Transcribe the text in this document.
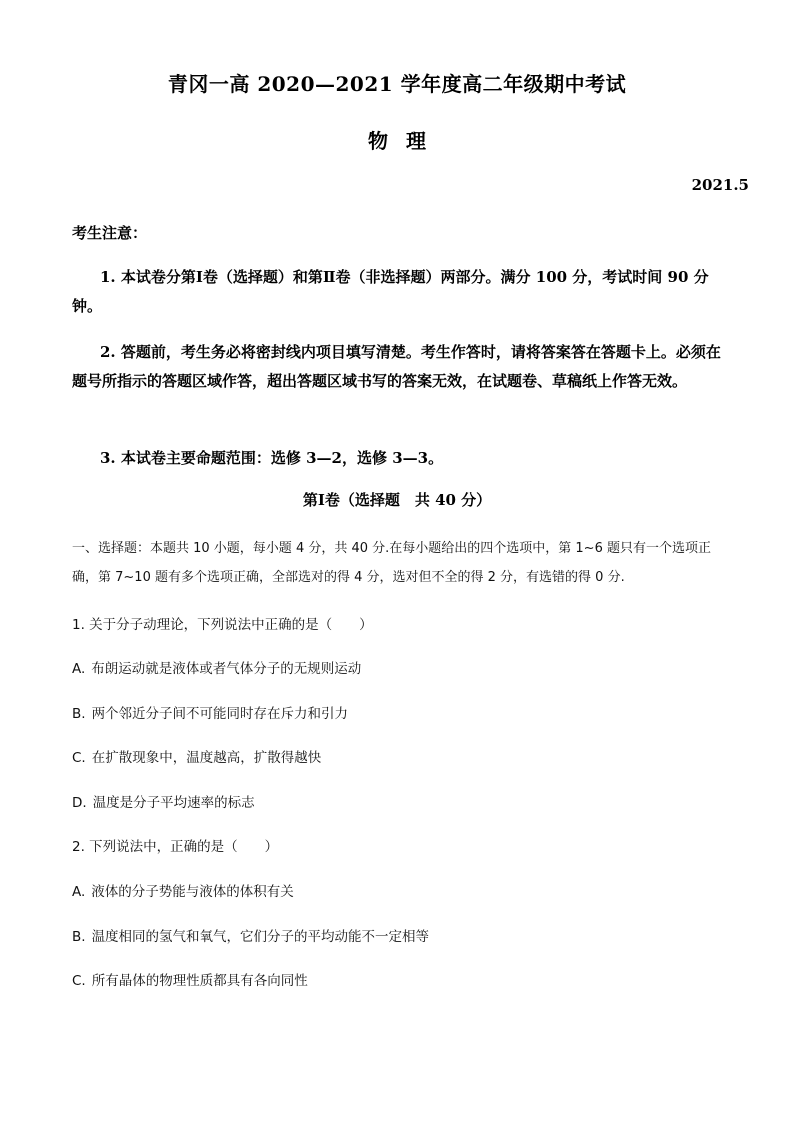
青冈一高 2020—2021 学年度高二年级期中考试
物理
2021.5
考生注意：
1. 本试卷分第Ⅰ卷（选择题）和第Ⅱ卷（非选择题）两部分。满分 100 分，考试时间 90 分钟。
2. 答题前，考生务必将密封线内项目填写清楚。考生作答时，请将答案答在答题卡上。必须在题号所指示的答题区域作答，超出答题区域书写的答案无效，在试题卷、草稿纸上作答无效。
3. 本试卷主要命题范围：选修 3—2，选修 3—3。
第Ⅰ卷（选择题　共 40 分）
一、选择题：本题共 10 小题，每小题 4 分，共 40 分.在每小题给出的四个选项中，第 1~6 题只有一个选项正确，第 7~10 题有多个选项正确，全部选对的得 4 分，选对但不全的得 2 分，有选错的得 0 分.
1. 关于分子动理论，下列说法中正确的是（　　）
A. 布朗运动就是液体或者气体分子的无规则运动
B. 两个邻近分子间不可能同时存在斥力和引力
C. 在扩散现象中，温度越高，扩散得越快
D. 温度是分子平均速率的标志
2. 下列说法中，正确的是（　　）
A. 液体的分子势能与液体的体积有关
B. 温度相同的氢气和氧气，它们分子的平均动能不一定相等
C. 所有晶体的物理性质都具有各向同性
